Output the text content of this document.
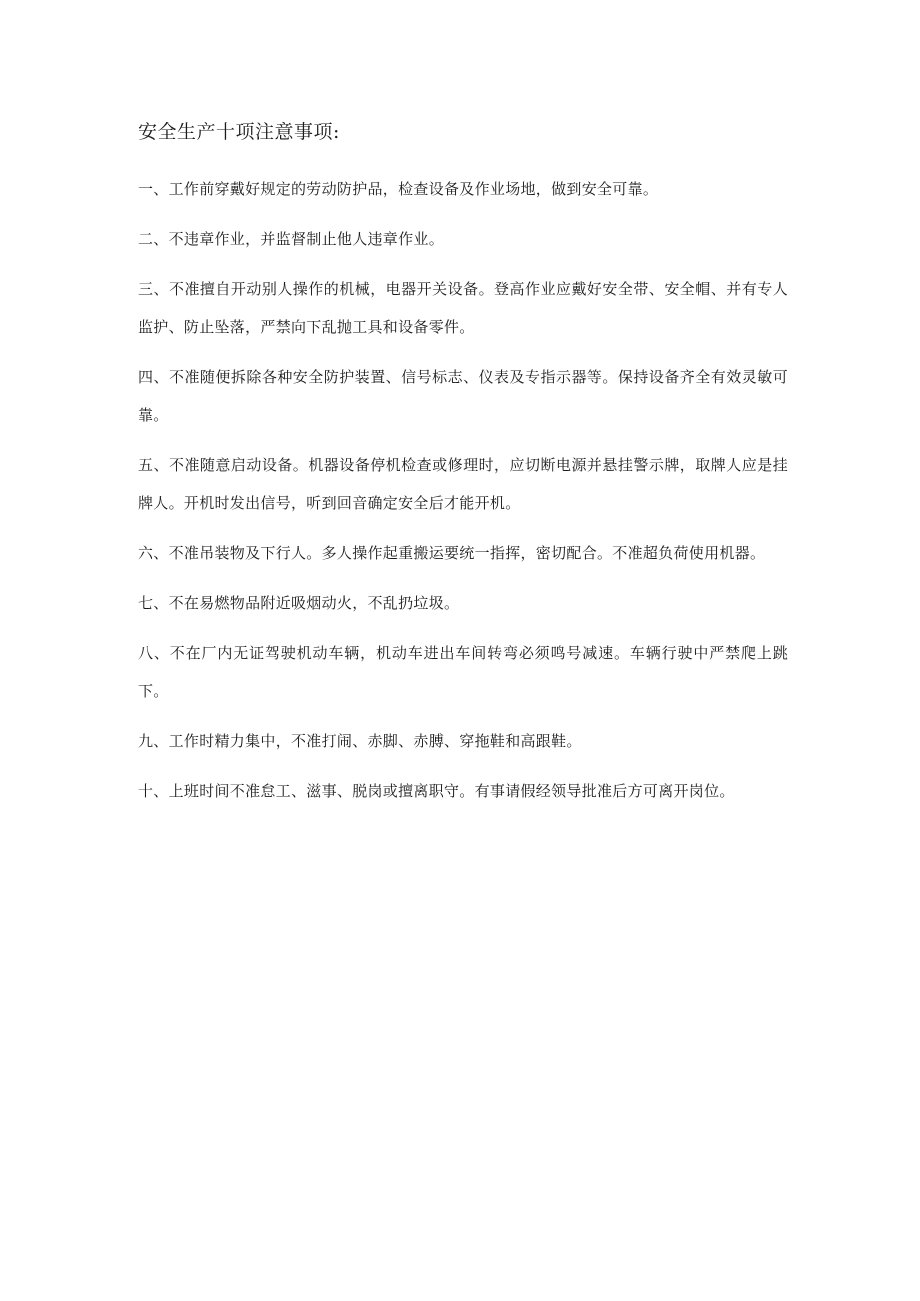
安全生产十项注意事项:
一、工作前穿戴好规定的劳动防护品，检查设备及作业场地，做到安全可靠。
二、不违章作业，并监督制止他人违章作业。
三、不准擅自开动别人操作的机械，电器开关设备。登高作业应戴好安全带、安全帽、并有专人监护、防止坠落，严禁向下乱抛工具和设备零件。
四、不准随便拆除各种安全防护装置、信号标志、仪表及专指示器等。保持设备齐全有效灵敏可靠。
五、不准随意启动设备。机器设备停机检查或修理时，应切断电源并悬挂警示牌，取牌人应是挂牌人。开机时发出信号，听到回音确定安全后才能开机。
六、不准吊装物及下行人。多人操作起重搬运要统一指挥，密切配合。不准超负荷使用机器。
七、不在易燃物品附近吸烟动火，不乱扔垃圾。
八、不在厂内无证驾驶机动车辆，机动车进出车间转弯必须鸣号减速。车辆行驶中严禁爬上跳下。
九、工作时精力集中，不准打闹、赤脚、赤膊、穿拖鞋和高跟鞋。
十、上班时间不准怠工、滋事、脱岗或擅离职守。有事请假经领导批准后方可离开岗位。
